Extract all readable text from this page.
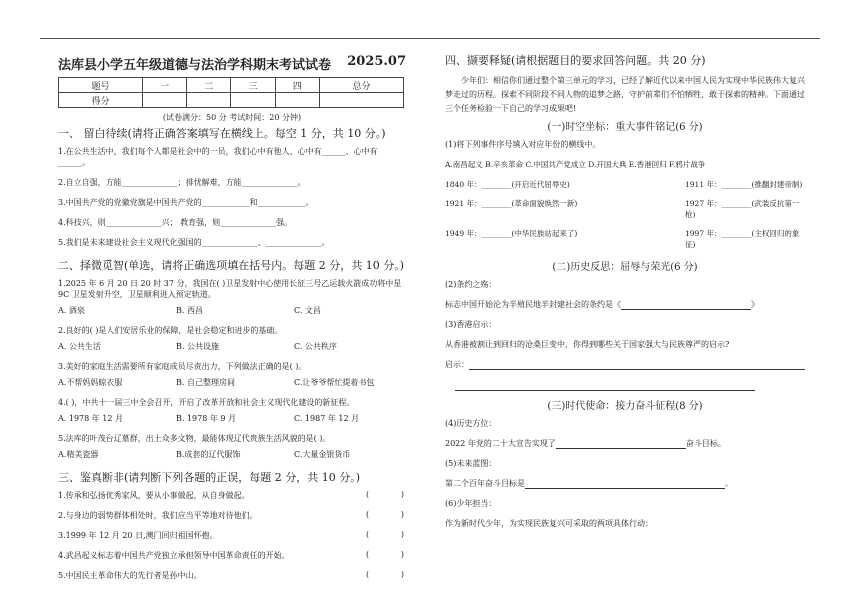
法库县小学五年级道德与法治学科期末考试试卷 2025.07
题号	一	二	三	四	总分
得分					
(试卷满分：50 分 考试时间：20 分钟)
一、 留白待续(请将正确答案填写在横线上。每空 1 分，共 10 分。)

1.在公共生活中，我们每个人都是社会中的一员，我们心中有他人、心中有______、心中有______。

2.自立自强，方能______________；排忧解难，方能______________。

3.中国共产党的党徽党旗是中国共产党的____________和____________。

4.科技兴，则______________兴； 教育强，则______________强。

5.我们是未来建设社会主义现代化强国的______________、______________。

二、择微觅智(单选，请将正确选项填在括号内。每题 2 分，共 10 分。)

1.2025 年 6 月 20 日 20 时 37 分，我国在( )卫星发射中心使用长征三号乙运载火箭成功将中星 9C 卫星发射升空，卫星顺利进入预定轨道。

A. 酒泉	B. 西昌	C. 文昌

2.良好的( )是人们安居乐业的保障，是社会稳定和进步的基础。

A. 公共生活	B. 公共设施	C. 公共秩序

3.美好的家庭生活需要所有家庭成员尽责出力，下列做法正确的是( )。

A.不帮妈妈晾衣服	B. 自己整理房间	C.让爷爷帮忙提着书包

4.( )，中共十一届三中全会召开，开启了改革开放和社会主义现代化建设的新征程。

A. 1978 年 12 月	B. 1978 年 9 月	C. 1987 年 12 月

5.法库的叶茂台辽墓群，出土众多文物，最能体现辽代贵族生活风貌的是( )。

A.精美瓷器	B.成套的辽代服饰	C.大量金银货币
三、鉴真断非(请判断下列各题的正误，每题 2 分，共 10 分。)
1.传承和弘扬优秀家风，要从小事做起，从自身做起。	(	)
2.与身边的弱势群体相处时，我们应当平等地对待他们。	(	)
3.1999 年 12 月 20 日,澳门回归祖国怀抱。	(	)
4.武昌起义标志着中国共产党独立承担领导中国革命责任的开始。	(	)
5.中国民主革命伟大的先行者是孙中山。	(	)
四、撷要释疑(请根据题目的要求回答问题。共 20 分)

少年们：相信你们通过整个第三单元的学习，已经了解近代以来中国人民为实现中华民族伟大复兴梦走过的历程。探索不同阶段不同人物的追梦之路，守护前辈们不怕牺牲，敢于探索的精神。下面通过三个任务检验一下自己的学习成果吧!

(一)时空坐标：重大事件铭记(6 分)

(1)将下列事件序号填入对应年份的横线中。

A.南昌起义 B.辛亥革命 C.中国共产党成立 D.开国大典 E.香港回归 F.鸦片战争

1840 年：________(开启近代屈辱史)	1911 年：________(推翻封建帝制)
1921 年：________(革命面貌焕然一新)	1927 年：________(武装反抗第一枪)
1949 年：________(中华民族站起来了)	1997 年：________(主权回归的象征)
(二)历史反思：屈辱与荣光(6 分)

(2)条约之殇：

标志中国开始沦为半殖民地半封建社会的条约是《	》

(3)香港启示：

从香港被割让到回归的沧桑巨变中，你得到哪些关于国家强大与民族尊严的启示?

启示：

(三)时代使命：接力奋斗征程(8 分)

(4)历史方位：

2022 年党的二十大宣告实现了	奋斗目标。

(5)未来蓝图：

第二个百年奋斗目标是	。

(6)少年担当：

作为新时代少年，为实现民族复兴可采取的两项具体行动：
